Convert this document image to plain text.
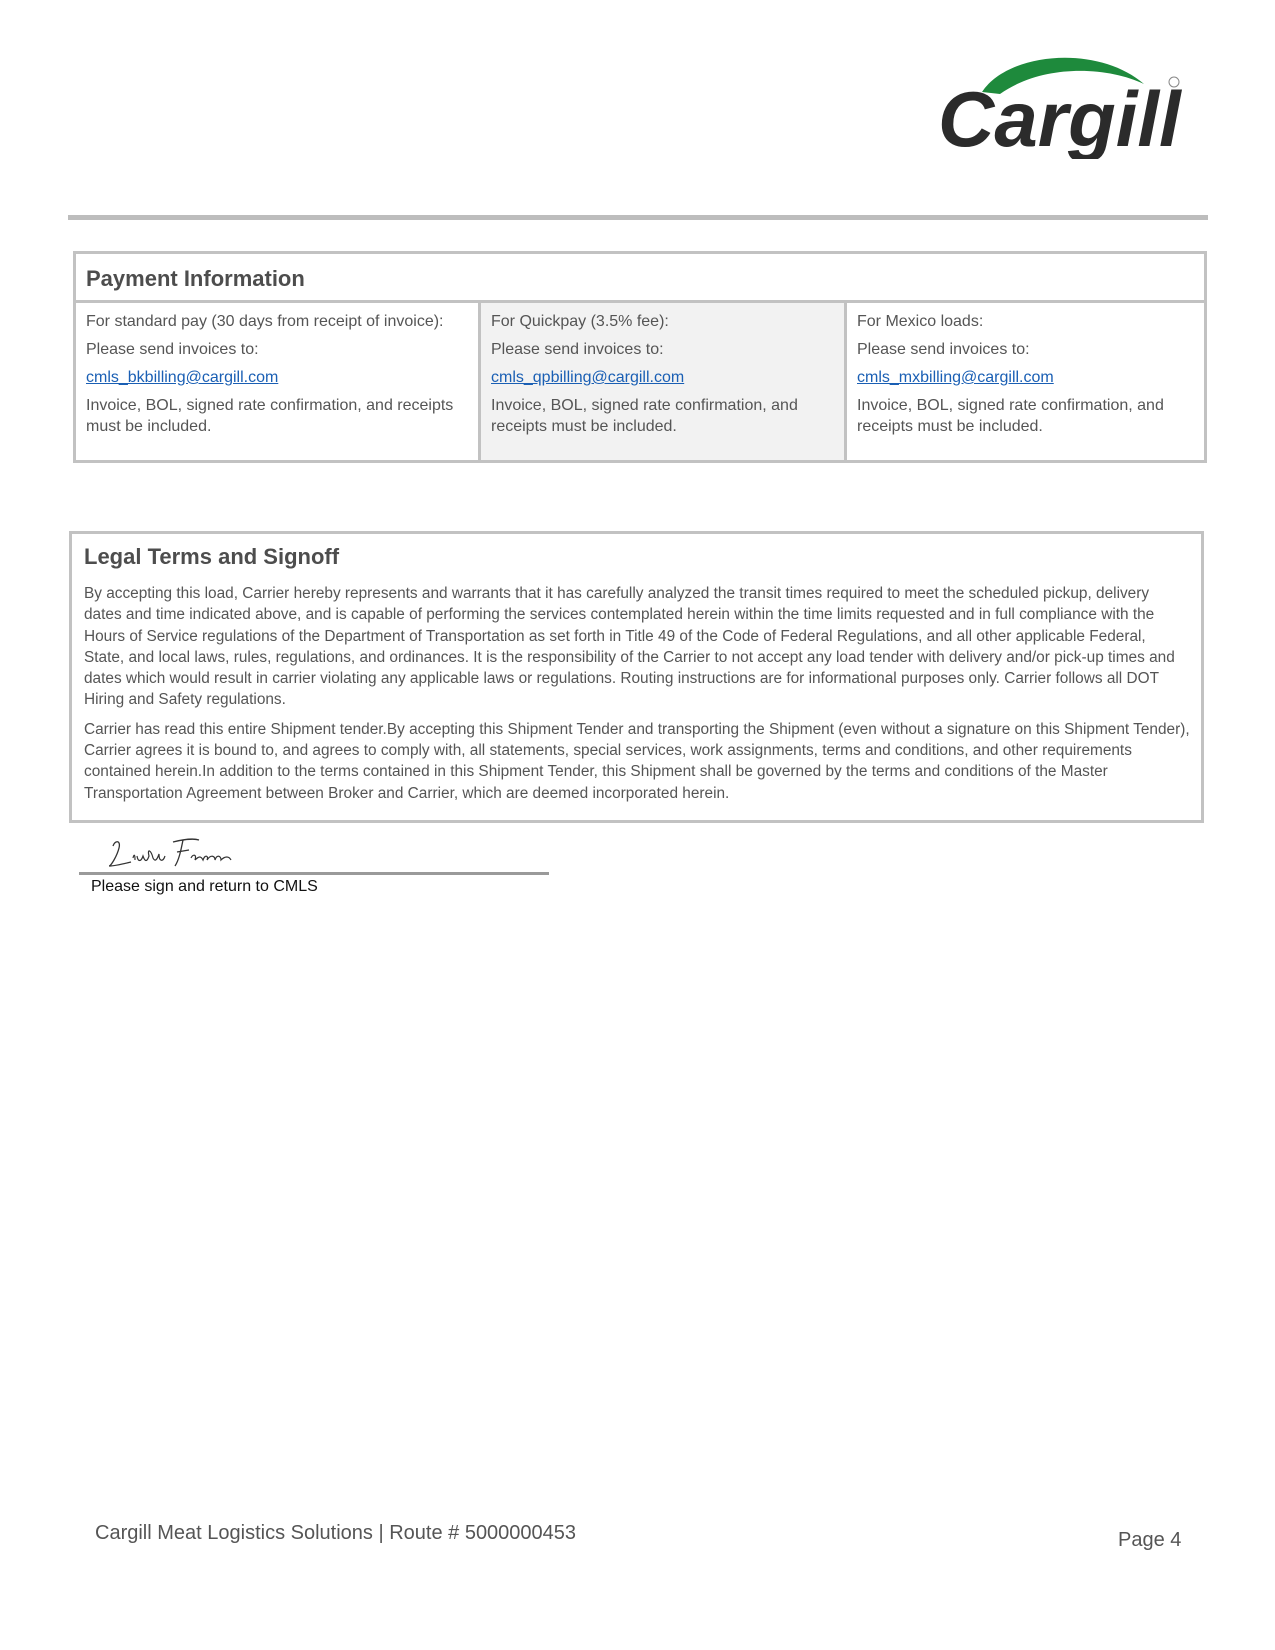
Cargill
Payment Information
For standard pay (30 days from receipt of invoice):
Please send invoices to:
cmls_bkbilling@cargill.com
Invoice, BOL, signed rate confirmation, and receipts must be included.
For Quickpay (3.5% fee):
Please send invoices to:
cmls_qpbilling@cargill.com
Invoice, BOL, signed rate confirmation, and receipts must be included.
For Mexico loads:
Please send invoices to:
cmls_mxbilling@cargill.com
Invoice, BOL, signed rate confirmation, and receipts must be included.
Legal Terms and Signoff

By accepting this load, Carrier hereby represents and warrants that it has carefully analyzed the transit times required to meet the scheduled pickup, delivery dates and time indicated above, and is capable of performing the services contemplated herein within the time limits requested and in full compliance with the Hours of Service regulations of the Department of Transportation as set forth in Title 49 of the Code of Federal Regulations, and all other applicable Federal, State, and local laws, rules, regulations, and ordinances. It is the responsibility of the Carrier to not accept any load tender with delivery and/or pick-up times and dates which would result in carrier violating any applicable laws or regulations. Routing instructions are for informational purposes only. Carrier follows all DOT Hiring and Safety regulations.

Carrier has read this entire Shipment tender.By accepting this Shipment Tender and transporting the Shipment (even without a signature on this Shipment Tender), Carrier agrees it is bound to, and agrees to comply with, all statements, special services, work assignments, terms and conditions, and other requirements contained herein.In addition to the terms contained in this Shipment Tender, this Shipment shall be governed by the terms and conditions of the Master Transportation Agreement between Broker and Carrier, which are deemed incorporated herein.

Please sign and return to CMLS
Cargill Meat Logistics Solutions | Route # 5000000453	Page 4
